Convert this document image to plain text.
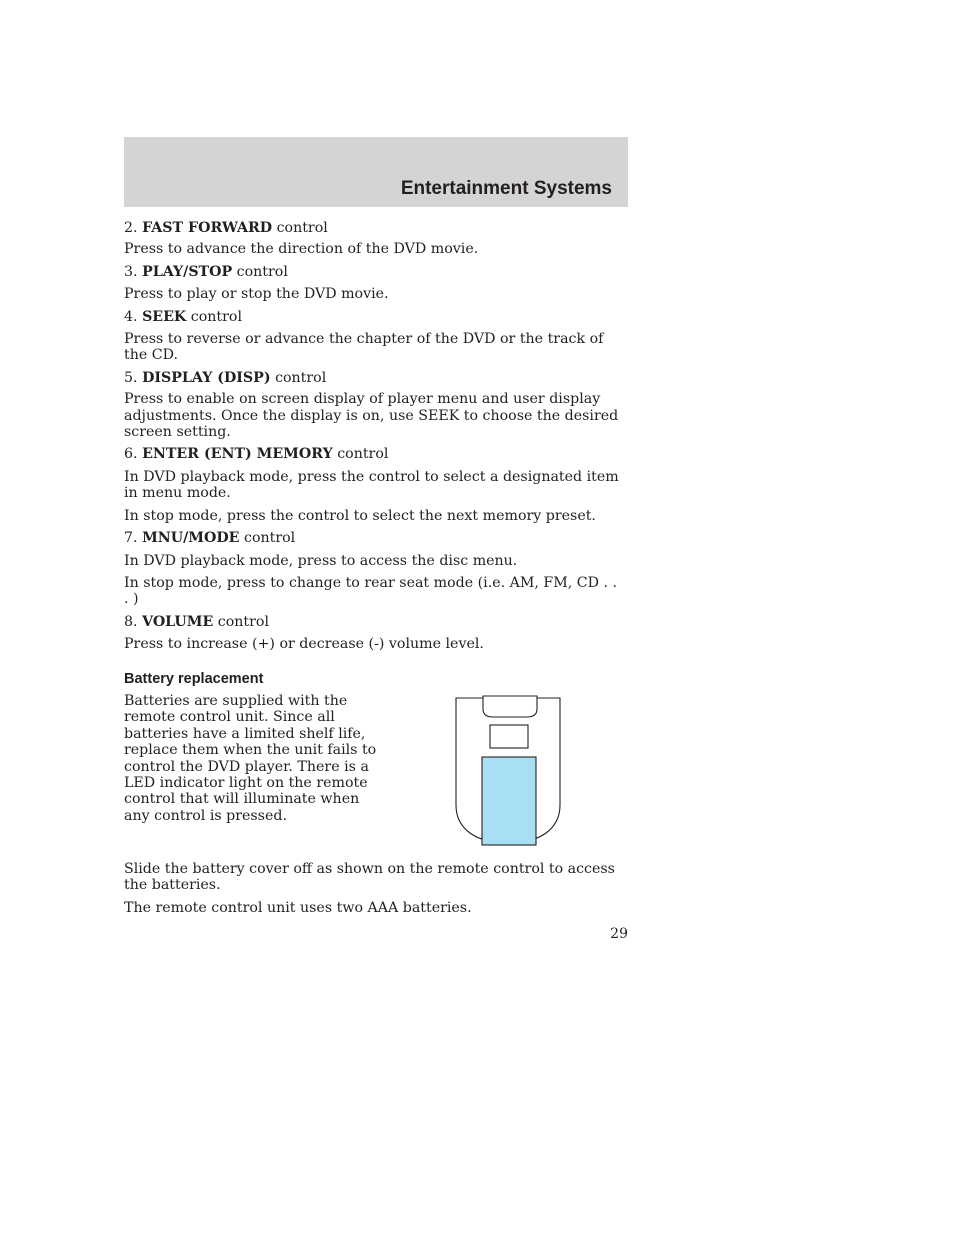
Entertainment Systems

2. FAST FORWARD control

Press to advance the direction of the DVD movie.

3. PLAY/STOP control

Press to play or stop the DVD movie.

4. SEEK control

Press to reverse or advance the chapter of the DVD or the track of the CD.

5. DISPLAY (DISP) control

Press to enable on screen display of player menu and user display adjustments. Once the display is on, use SEEK to choose the desired screen setting.

6. ENTER (ENT) MEMORY control

In DVD playback mode, press the control to select a designated item in menu mode.

In stop mode, press the control to select the next memory preset.

7. MNU/MODE control

In DVD playback mode, press to access the disc menu.

In stop mode, press to change to rear seat mode (i.e. AM, FM, CD . . . )

8. VOLUME control

Press to increase (+) or decrease (-) volume level.

Battery replacement

Batteries are supplied with the remote control unit. Since all batteries have a limited shelf life, replace them when the unit fails to control the DVD player. There is a LED indicator light on the remote control that will illuminate when any control is pressed.

Slide the battery cover off as shown on the remote control to access the batteries.

The remote control unit uses two AAA batteries.

29
